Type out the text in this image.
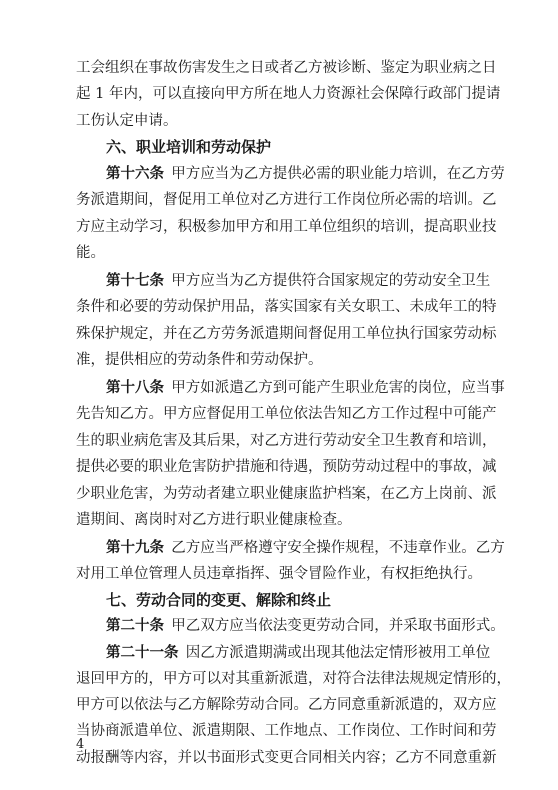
工会组织在事故伤害发生之日或者乙方被诊断、鉴定为职业病之日
起 1 年内，可以直接向甲方所在地人力资源社会保障行政部门提请
工伤认定申请。
六、职业培训和劳动保护
第十六条  甲方应当为乙方提供必需的职业能力培训，在乙方劳
务派遣期间，督促用工单位对乙方进行工作岗位所必需的培训。乙
方应主动学习，积极参加甲方和用工单位组织的培训，提高职业技
能。
第十七条  甲方应当为乙方提供符合国家规定的劳动安全卫生
条件和必要的劳动保护用品，落实国家有关女职工、未成年工的特
殊保护规定，并在乙方劳务派遣期间督促用工单位执行国家劳动标
准，提供相应的劳动条件和劳动保护。
第十八条  甲方如派遣乙方到可能产生职业危害的岗位，应当事
先告知乙方。甲方应督促用工单位依法告知乙方工作过程中可能产
生的职业病危害及其后果，对乙方进行劳动安全卫生教育和培训，
提供必要的职业危害防护措施和待遇，预防劳动过程中的事故，减
少职业危害，为劳动者建立职业健康监护档案，在乙方上岗前、派
遣期间、离岗时对乙方进行职业健康检查。
第十九条  乙方应当严格遵守安全操作规程，不违章作业。乙方
对用工单位管理人员违章指挥、强令冒险作业，有权拒绝执行。
七、劳动合同的变更、解除和终止
第二十条  甲乙双方应当依法变更劳动合同，并采取书面形式。
第二十一条  因乙方派遣期满或出现其他法定情形被用工单位
退回甲方的，甲方可以对其重新派遣，对符合法律法规规定情形的，
甲方可以依法与乙方解除劳动合同。乙方同意重新派遣的，双方应
当协商派遣单位、派遣期限、工作地点、工作岗位、工作时间和劳
动报酬等内容，并以书面形式变更合同相关内容；乙方不同意重新
4
